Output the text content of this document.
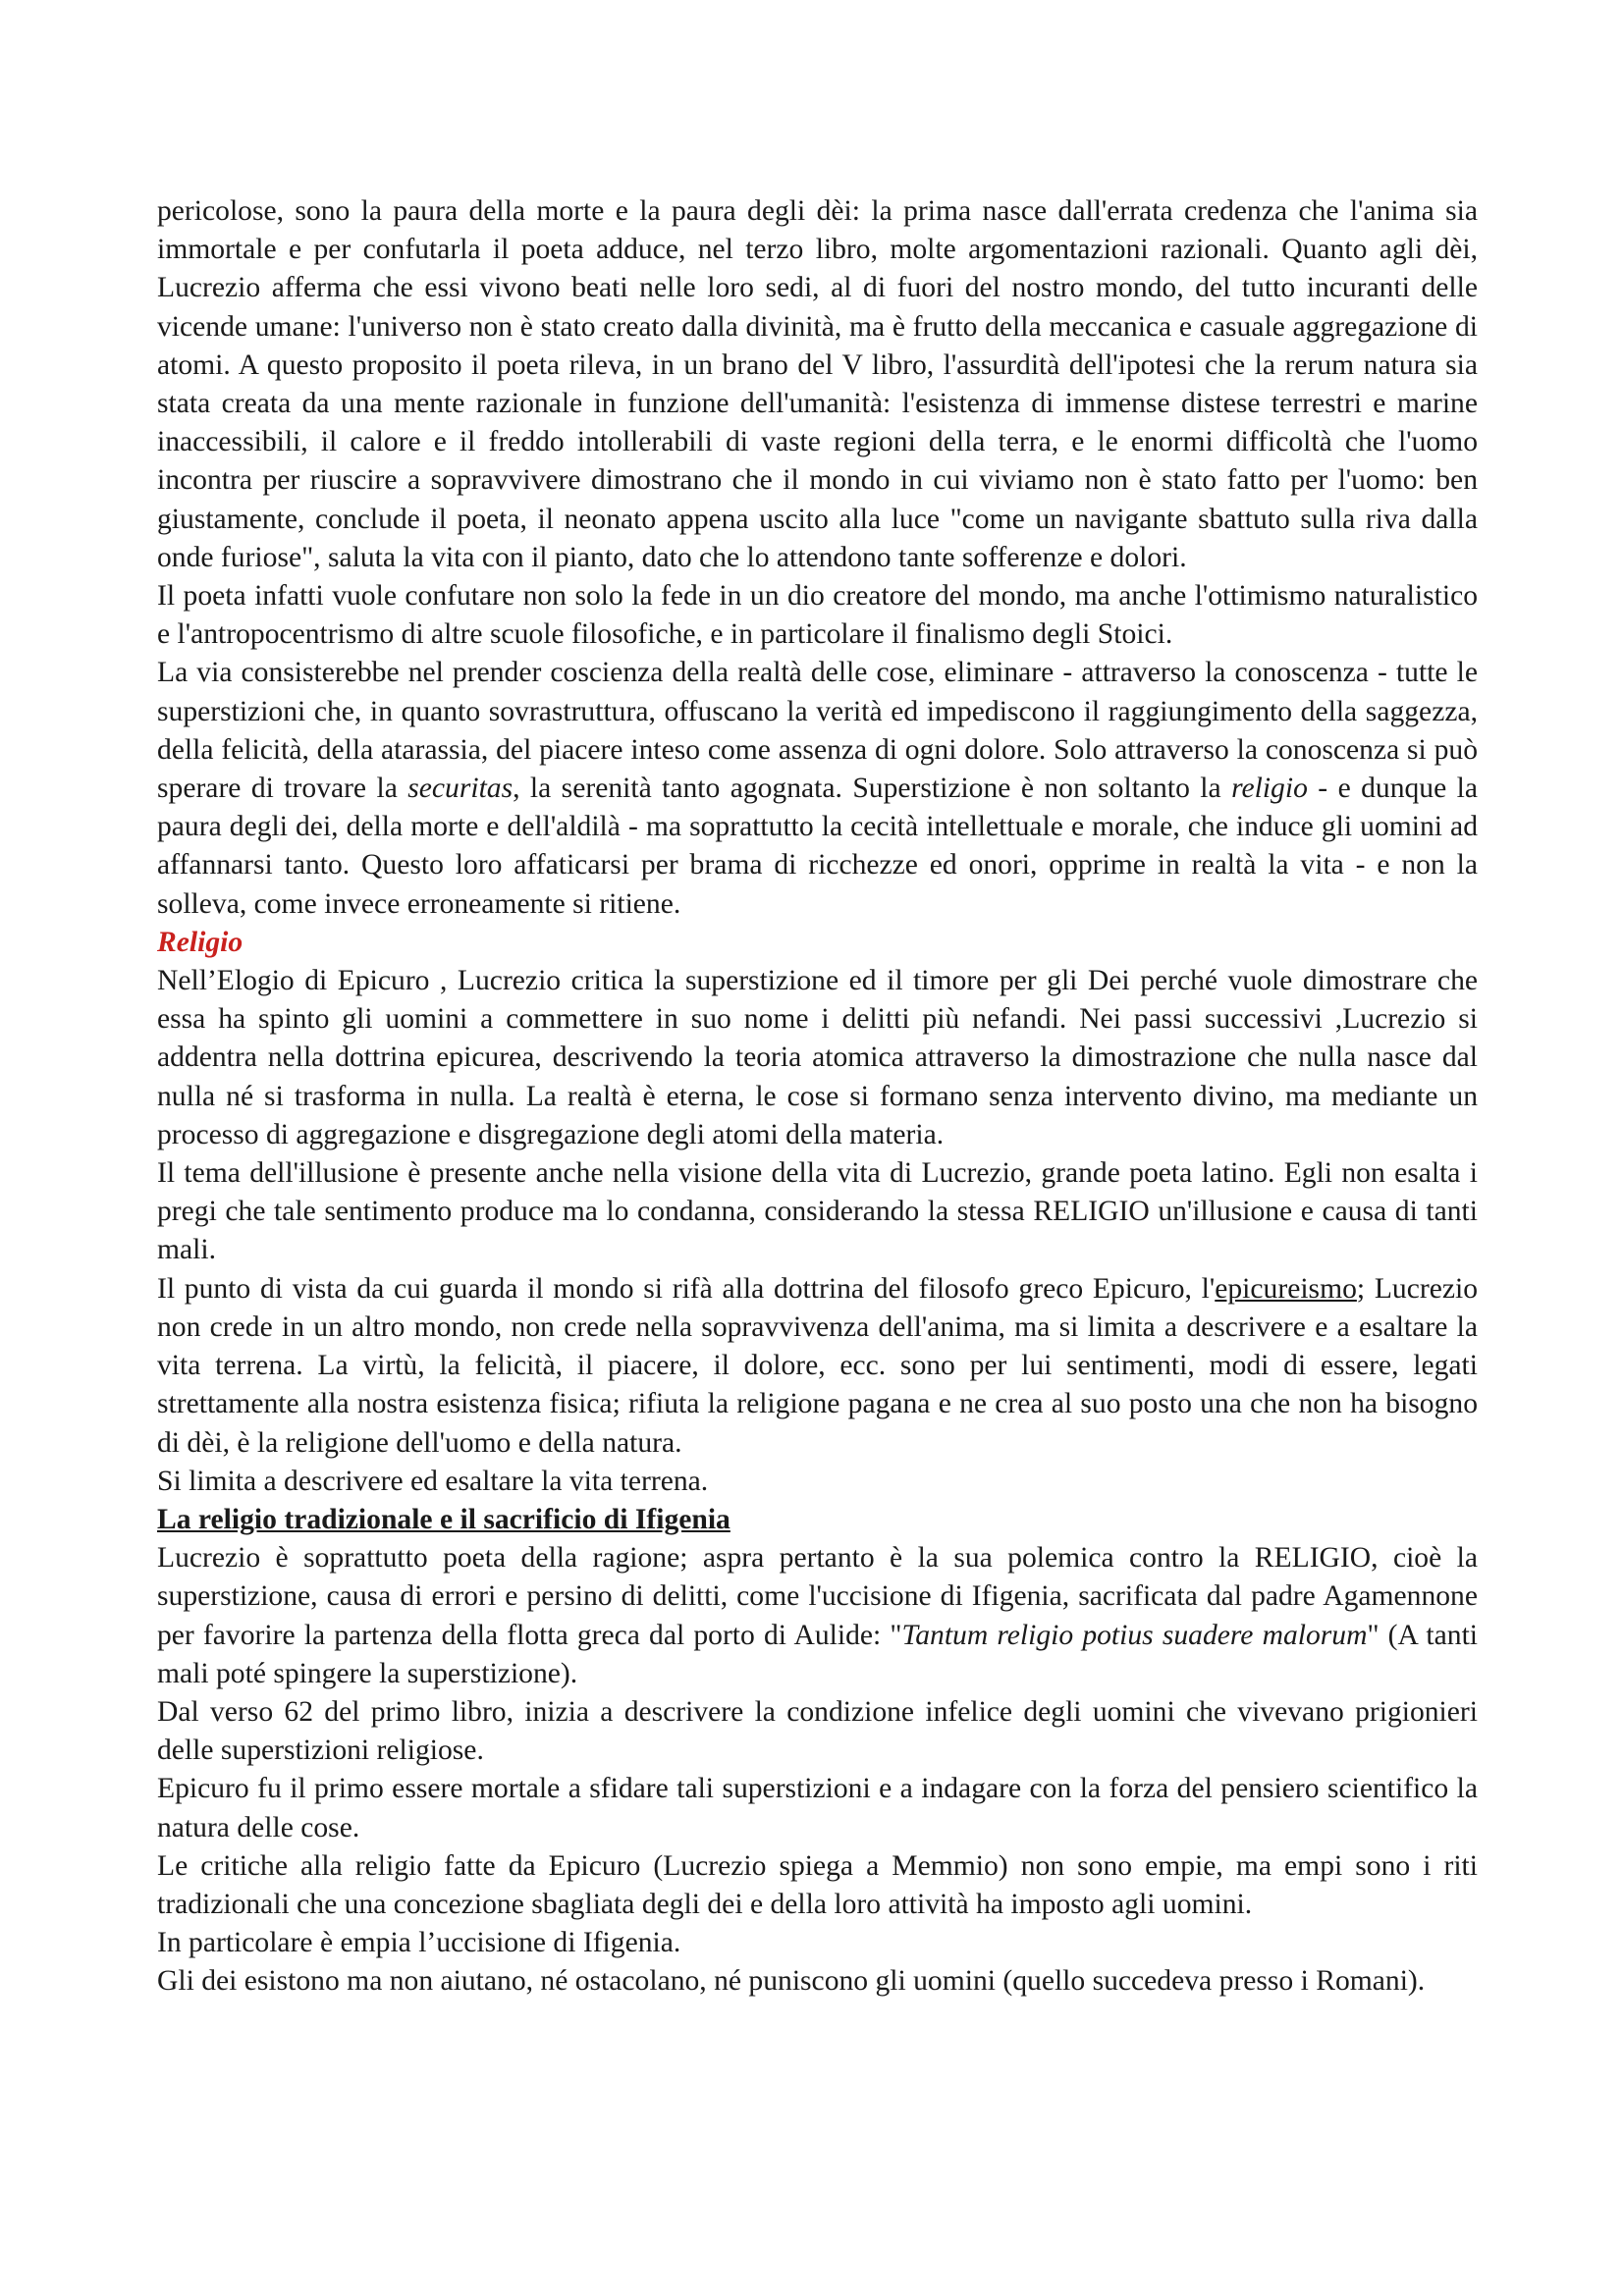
pericolose, sono la paura della morte e la paura degli dèi: la prima nasce dall'errata credenza che l'anima sia immortale e per confutarla il poeta adduce, nel terzo libro, molte argomentazioni razionali. Quanto agli dèi, Lucrezio afferma che essi vivono beati nelle loro sedi, al di fuori del nostro mondo, del tutto incuranti delle vicende umane: l'universo non è stato creato dalla divinità, ma è frutto della meccanica e casuale aggregazione di atomi. A questo proposito il poeta rileva, in un brano del V libro, l'assurdità dell'ipotesi che la rerum natura sia stata creata da una mente razionale in funzione dell'umanità: l'esistenza di immense distese terrestri e marine inaccessibili, il calore e il freddo intollerabili di vaste regioni della terra, e le enormi difficoltà che l'uomo incontra per riuscire a sopravvivere dimostrano che il mondo in cui viviamo non è stato fatto per l'uomo: ben giustamente, conclude il poeta, il neonato appena uscito alla luce "come un navigante sbattuto sulla riva dalla onde furiose", saluta la vita con il pianto, dato che lo attendono tante sofferenze e dolori.

Il poeta infatti vuole confutare non solo la fede in un dio creatore del mondo, ma anche l'ottimismo naturalistico e l'antropocentrismo di altre scuole filosofiche, e in particolare il finalismo degli Stoici.

La via consisterebbe nel prender coscienza della realtà delle cose, eliminare - attraverso la conoscenza - tutte le superstizioni che, in quanto sovrastruttura, offuscano la verità ed impediscono il raggiungimento della saggezza, della felicità, della atarassia, del piacere inteso come assenza di ogni dolore. Solo attraverso la conoscenza si può sperare di trovare la securitas, la serenità tanto agognata. Superstizione è non soltanto la religio - e dunque la paura degli dei, della morte e dell'aldilà - ma soprattutto la cecità intellettuale e morale, che induce gli uomini ad affannarsi tanto. Questo loro affaticarsi per brama di ricchezze ed onori, opprime in realtà la vita - e non la solleva, come invece erroneamente si ritiene.

Religio

Nell’Elogio di Epicuro , Lucrezio critica la superstizione ed il timore per gli Dei perché vuole dimostrare che essa ha spinto gli uomini a commettere in suo nome i delitti più nefandi. Nei passi successivi ,Lucrezio si addentra nella dottrina epicurea, descrivendo la teoria atomica attraverso la dimostrazione che nulla nasce dal nulla né si trasforma in nulla. La realtà è eterna, le cose si formano senza intervento divino, ma mediante un processo di aggregazione e disgregazione degli atomi della materia.

Il tema dell'illusione è presente anche nella visione della vita di Lucrezio, grande poeta latino. Egli non esalta i pregi che tale sentimento produce ma lo condanna, considerando la stessa RELIGIO un'illusione e causa di tanti mali.

Il punto di vista da cui guarda il mondo si rifà alla dottrina del filosofo greco Epicuro, l'epicureismo; Lucrezio non crede in un altro mondo, non crede nella sopravvivenza dell'anima, ma si limita a descrivere e a esaltare la vita terrena. La virtù, la felicità, il piacere, il dolore, ecc. sono per lui sentimenti, modi di essere, legati strettamente alla nostra esistenza fisica; rifiuta la religione pagana e ne crea al suo posto una che non ha bisogno di dèi, è la religione dell'uomo e della natura.

Si limita a descrivere ed esaltare la vita terrena.

La religio tradizionale e il sacrificio di Ifigenia

Lucrezio è soprattutto poeta della ragione; aspra pertanto è la sua polemica contro la RELIGIO, cioè la superstizione, causa di errori e persino di delitti, come l'uccisione di Ifigenia, sacrificata dal padre Agamennone per favorire la partenza della flotta greca dal porto di Aulide: "Tantum religio potius suadere malorum" (A tanti mali poté spingere la superstizione).

Dal verso 62 del primo libro, inizia a descrivere la condizione infelice degli uomini che vivevano prigionieri delle superstizioni religiose.

Epicuro fu il primo essere mortale a sfidare tali superstizioni e a indagare con la forza del pensiero scientifico la natura delle cose.

Le critiche alla religio fatte da Epicuro (Lucrezio spiega a Memmio) non sono empie, ma empi sono i riti tradizionali che una concezione sbagliata degli dei e della loro attività ha imposto agli uomini.

In particolare è empia l’uccisione di Ifigenia.

Gli dei esistono ma non aiutano, né ostacolano, né puniscono gli uomini (quello succedeva presso i Romani).
